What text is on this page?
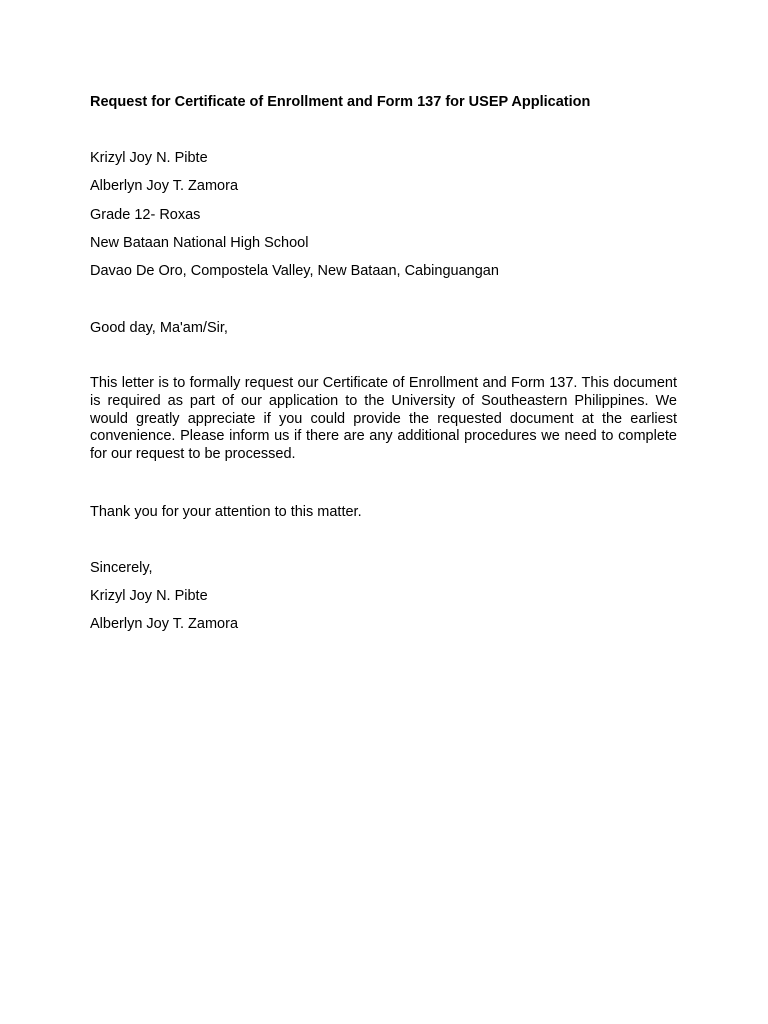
Request for Certificate of Enrollment and Form 137 for USEP Application
Krizyl Joy N. Pibte
Alberlyn Joy T. Zamora
Grade 12- Roxas
New Bataan National High School
Davao De Oro, Compostela Valley, New Bataan, Cabinguangan
Good day, Ma'am/Sir,
This letter is to formally request our Certificate of Enrollment and Form 137. This document is required as part of our application to the University of Southeastern Philippines. We would greatly appreciate if you could provide the requested document at the earliest convenience. Please inform us if there are any additional procedures we need to complete for our request to be processed.
Thank you for your attention to this matter.
Sincerely,
Krizyl Joy N. Pibte
Alberlyn Joy T. Zamora
